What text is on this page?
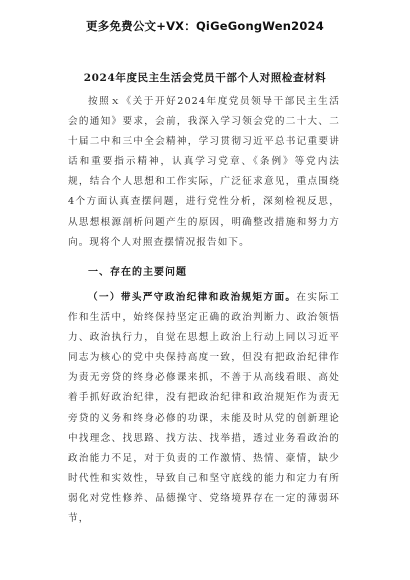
更多免费公文+VX：QiGeGongWen2024
2024年度民主生活会党员干部个人对照检查材料

按照ｘ《关于开好2024年度党员领导干部民主生活会的通知》要求，会前，我深入学习领会党的二十大、二十届二中和三中全会精神，学习贯彻习近平总书记重要讲话和重要指示精神，认真学习党章、《条例》等党内法规，结合个人思想和工作实际，广泛征求意见，重点围绕4个方面认真查摆问题，进行党性分析，深刻检视反思，从思想根源剖析问题产生的原因，明确整改措施和努力方向。现将个人对照查摆情况报告如下。

一、存在的主要问题

（一）带头严守政治纪律和政治规矩方面。在实际工作和生活中，始终保持坚定正确的政治判断力、政治领悟力、政治执行力，自觉在思想上政治上行动上同以习近平同志为核心的党中央保持高度一致，但没有把政治纪律作为责无旁贷的终身必修课来抓，不善于从高线看眼、高处着手抓好政治纪律，没有把政治纪律和政治规矩作为责无旁贷的义务和终身必修的功课，未能及时从党的创新理论中找理念、找思路、找方法、找举措，透过业务看政治的政治能力不足，对于负责的工作激情、热情、豪情，缺少时代性和实效性，导致自己和坚守底线的能力和定力有所弱化对党性修养、品德操守、党络境界存在一定的薄弱环节，
